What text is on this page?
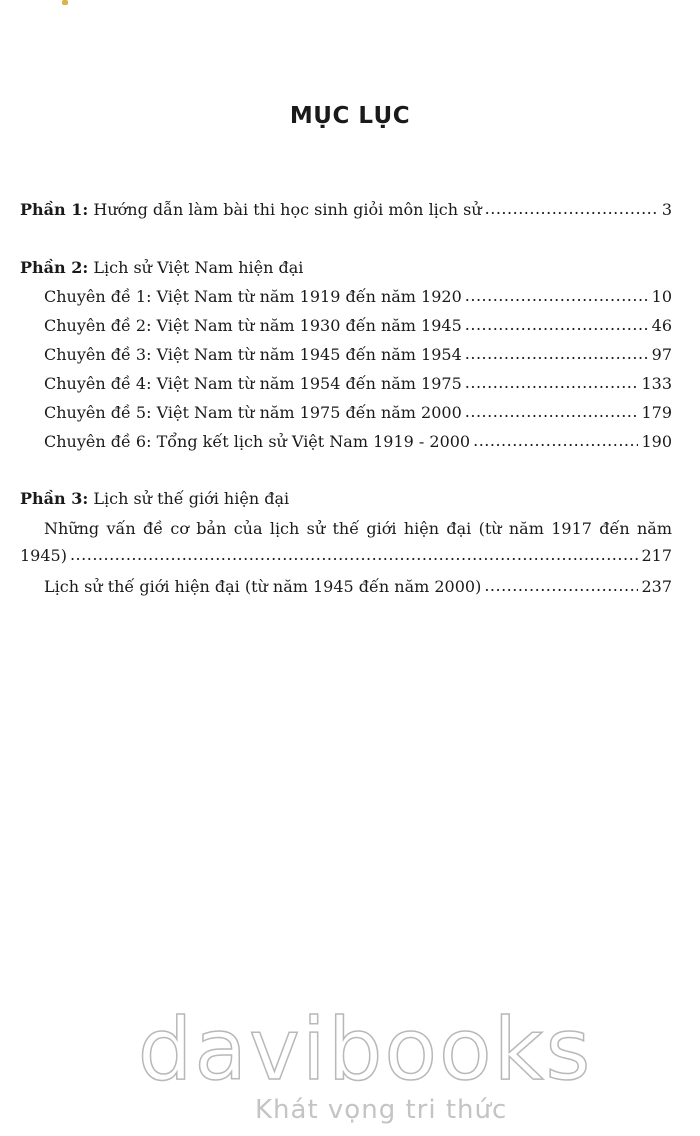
MỤC LỤC
Phần 1: Hướng dẫn làm bài thi học sinh giỏi môn lịch sử .....	3
Phần 2: Lịch sử Việt Nam hiện đại
Chuyên đề 1: Việt Nam từ năm 1919 đến năm 1920 .....	10
Chuyên đề 2: Việt Nam từ năm 1930 đến năm 1945 .....	46
Chuyên đề 3: Việt Nam từ năm 1945 đến năm 1954 .....	97
Chuyên đề 4: Việt Nam từ năm 1954 đến năm 1975 .....	133
Chuyên đề 5: Việt Nam từ năm 1975 đến năm 2000 .....	179
Chuyên đề 6: Tổng kết lịch sử Việt Nam 1919 - 2000 .....	190
Phần 3: Lịch sử thế giới hiện đại
Những vấn đề cơ bản của lịch sử thế giới hiện đại (từ năm 1917 đến năm
1945) .....	217
Lịch sử thế giới hiện đại (từ năm 1945 đến năm 2000) .....	237
davibooks
Khát vọng tri thức
